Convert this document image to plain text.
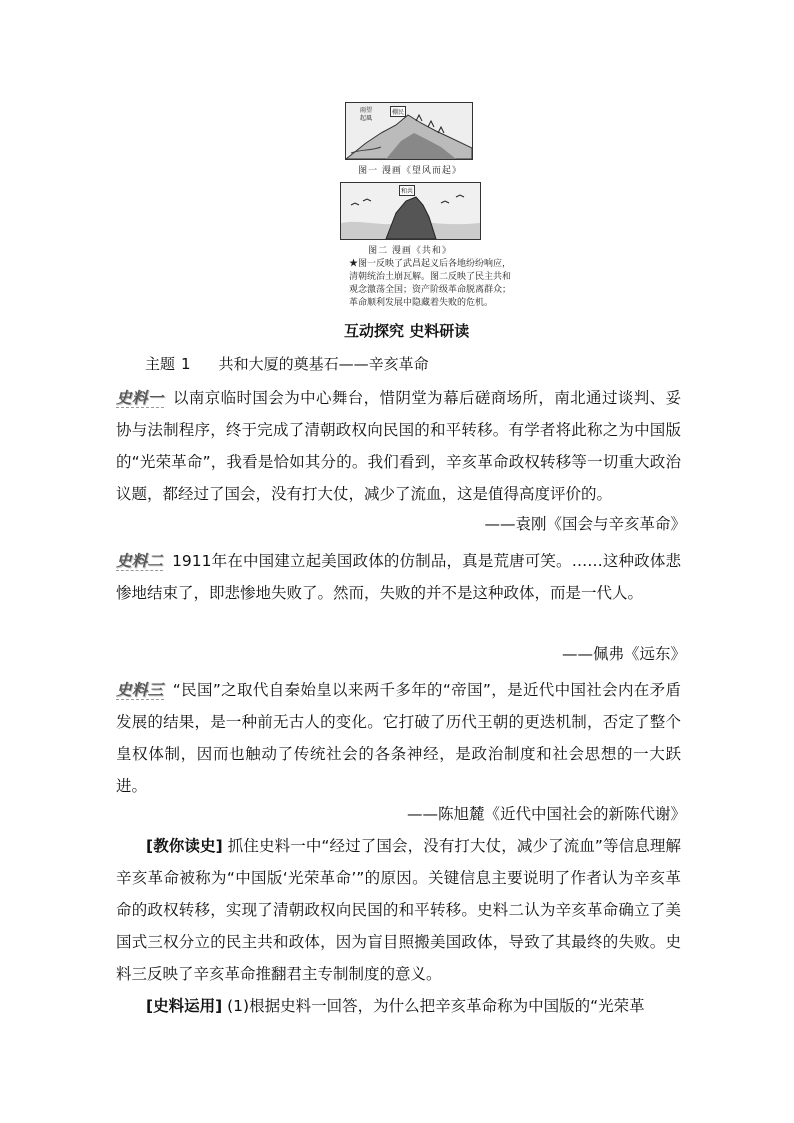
棚民
雨望起風
图一 漫画《望风而起》
和共
图二 漫画《共和》
★图一反映了武昌起义后各地纷纷响应，清朝统治土崩瓦解。图二反映了民主共和观念激荡全国；资产阶级革命脱离群众；革命顺利发展中隐藏着失败的危机。
互动探究 史料研读
主题 1 共和大厦的奠基石——辛亥革命
史料一 以南京临时国会为中心舞台，惜阴堂为幕后磋商场所，南北通过谈判、妥协与法制程序，终于完成了清朝政权向民国的和平转移。有学者将此称之为中国版的“光荣革命”，我看是恰如其分的。我们看到，辛亥革命政权转移等一切重大政治议题，都经过了国会，没有打大仗，减少了流血，这是值得高度评价的。
——袁刚《国会与辛亥革命》
史料二 1911年在中国建立起美国政体的仿制品，真是荒唐可笑。……这种政体悲惨地结束了，即悲惨地失败了。然而，失败的并不是这种政体，而是一代人。
——佩弗《远东》
史料三 “民国”之取代自秦始皇以来两千多年的“帝国”，是近代中国社会内在矛盾发展的结果，是一种前无古人的变化。它打破了历代王朝的更迭机制，否定了整个皇权体制，因而也触动了传统社会的各条神经，是政治制度和社会思想的一大跃进。
——陈旭麓《近代中国社会的新陈代谢》
[教你读史] 抓住史料一中“经过了国会，没有打大仗，减少了流血”等信息理解辛亥革命被称为“中国版‘光荣革命’”的原因。关键信息主要说明了作者认为辛亥革命的政权转移，实现了清朝政权向民国的和平转移。史料二认为辛亥革命确立了美国式三权分立的民主共和政体，因为盲目照搬美国政体，导致了其最终的失败。史料三反映了辛亥革命推翻君主专制制度的意义。
[史料运用] (1)根据史料一回答，为什么把辛亥革命称为中国版的“光荣革
